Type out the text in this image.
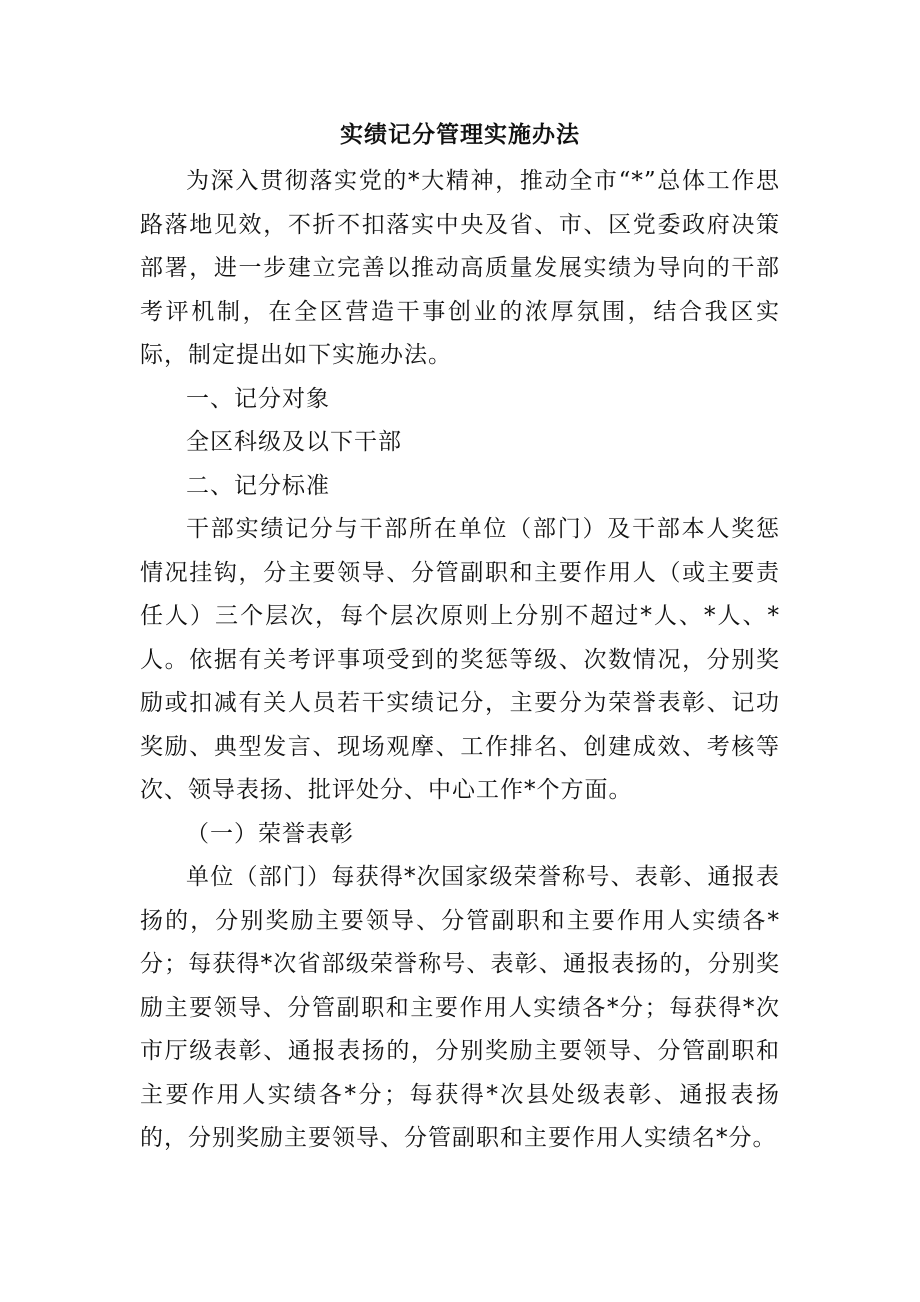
实绩记分管理实施办法

为深入贯彻落实党的*大精神，推动全市“*”总体工作思路落地见效，不折不扣落实中央及省、市、区党委政府决策部署，进一步建立完善以推动高质量发展实绩为导向的干部考评机制，在全区营造干事创业的浓厚氛围，结合我区实际，制定提出如下实施办法。

一、记分对象

全区科级及以下干部

二、记分标准

干部实绩记分与干部所在单位（部门）及干部本人奖惩情况挂钩，分主要领导、分管副职和主要作用人（或主要责任人）三个层次，每个层次原则上分别不超过*人、*人、*人。依据有关考评事项受到的奖惩等级、次数情况，分别奖励或扣减有关人员若干实绩记分，主要分为荣誉表彰、记功奖励、典型发言、现场观摩、工作排名、创建成效、考核等次、领导表扬、批评处分、中心工作*个方面。

（一）荣誉表彰

单位（部门）每获得*次国家级荣誉称号、表彰、通报表扬的，分别奖励主要领导、分管副职和主要作用人实绩各*分；每获得*次省部级荣誉称号、表彰、通报表扬的，分别奖励主要领导、分管副职和主要作用人实绩各*分；每获得*次市厅级表彰、通报表扬的，分别奖励主要领导、分管副职和主要作用人实绩各*分；每获得*次县处级表彰、通报表扬的，分别奖励主要领导、分管副职和主要作用人实绩名*分。
